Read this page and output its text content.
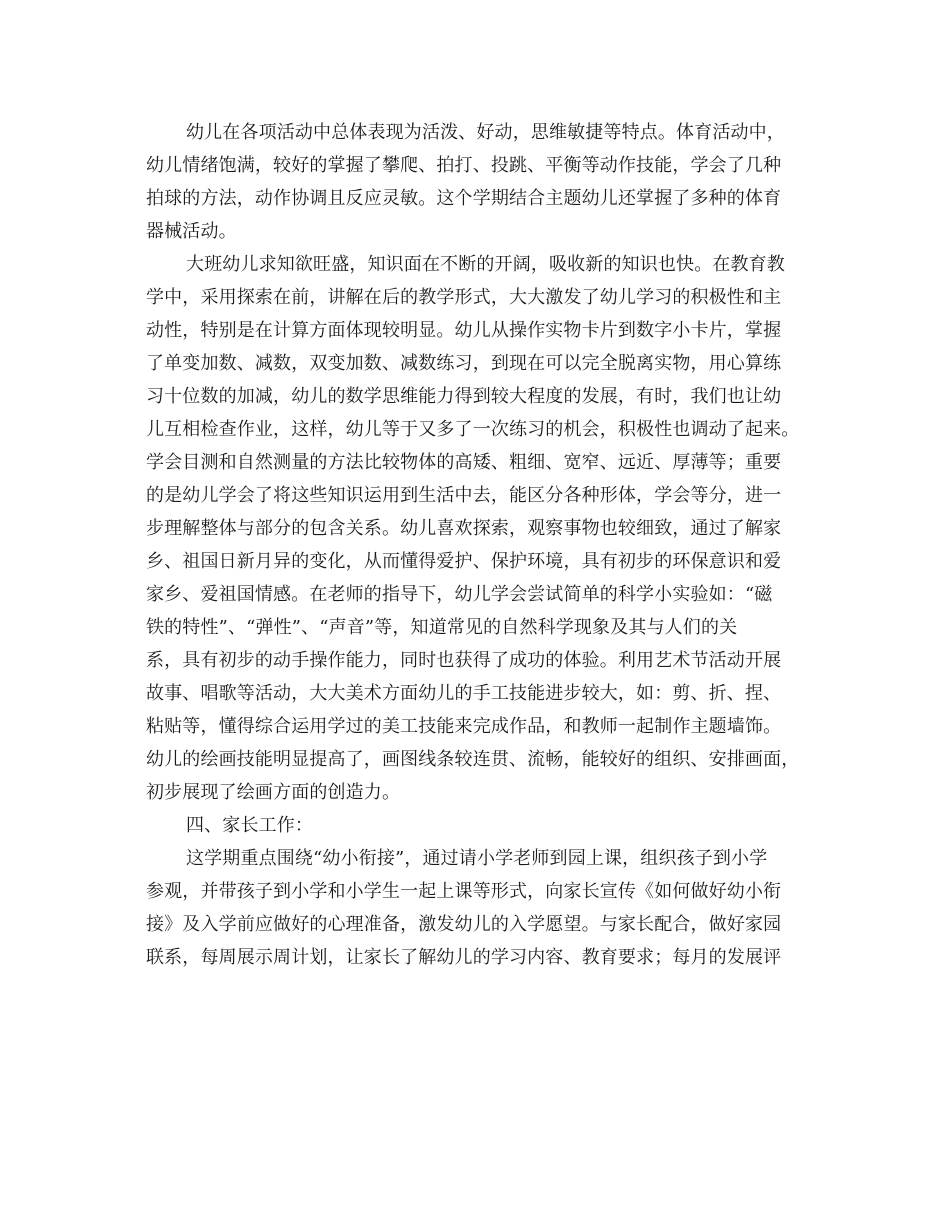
幼儿在各项活动中总体表现为活泼、好动，思维敏捷等特点。体育活动中，
幼儿情绪饱满，较好的掌握了攀爬、拍打、投跳、平衡等动作技能，学会了几种
拍球的方法，动作协调且反应灵敏。这个学期结合主题幼儿还掌握了多种的体育
器械活动。
大班幼儿求知欲旺盛，知识面在不断的开阔，吸收新的知识也快。在教育教
学中，采用探索在前，讲解在后的教学形式，大大激发了幼儿学习的积极性和主
动性，特别是在计算方面体现较明显。幼儿从操作实物卡片到数字小卡片，掌握
了单变加数、减数，双变加数、减数练习，到现在可以完全脱离实物，用心算练
习十位数的加减，幼儿的数学思维能力得到较大程度的发展，有时，我们也让幼
儿互相检查作业，这样，幼儿等于又多了一次练习的机会，积极性也调动了起来。
学会目测和自然测量的方法比较物体的高矮、粗细、宽窄、远近、厚薄等；重要
的是幼儿学会了将这些知识运用到生活中去，能区分各种形体，学会等分，进一
步理解整体与部分的包含关系。幼儿喜欢探索，观察事物也较细致，通过了解家
乡、祖国日新月异的变化，从而懂得爱护、保护环境，具有初步的环保意识和爱
家乡、爱祖国情感。在老师的指导下，幼儿学会尝试简单的科学小实验如：“磁
铁的特性”、“弹性”、“声音”等，知道常见的自然科学现象及其与人们的关
系，具有初步的动手操作能力，同时也获得了成功的体验。利用艺术节活动开展
故事、唱歌等活动，大大美术方面幼儿的手工技能进步较大，如：剪、折、捏、
粘贴等，懂得综合运用学过的美工技能来完成作品，和教师一起制作主题墙饰。
幼儿的绘画技能明显提高了，画图线条较连贯、流畅，能较好的组织、安排画面，
初步展现了绘画方面的创造力。
四、家长工作：
这学期重点围绕“幼小衔接”，通过请小学老师到园上课，组织孩子到小学
参观，并带孩子到小学和小学生一起上课等形式，向家长宣传《如何做好幼小衔
接》及入学前应做好的心理准备，激发幼儿的入学愿望。与家长配合，做好家园
联系，每周展示周计划，让家长了解幼儿的学习内容、教育要求；每月的发展评
